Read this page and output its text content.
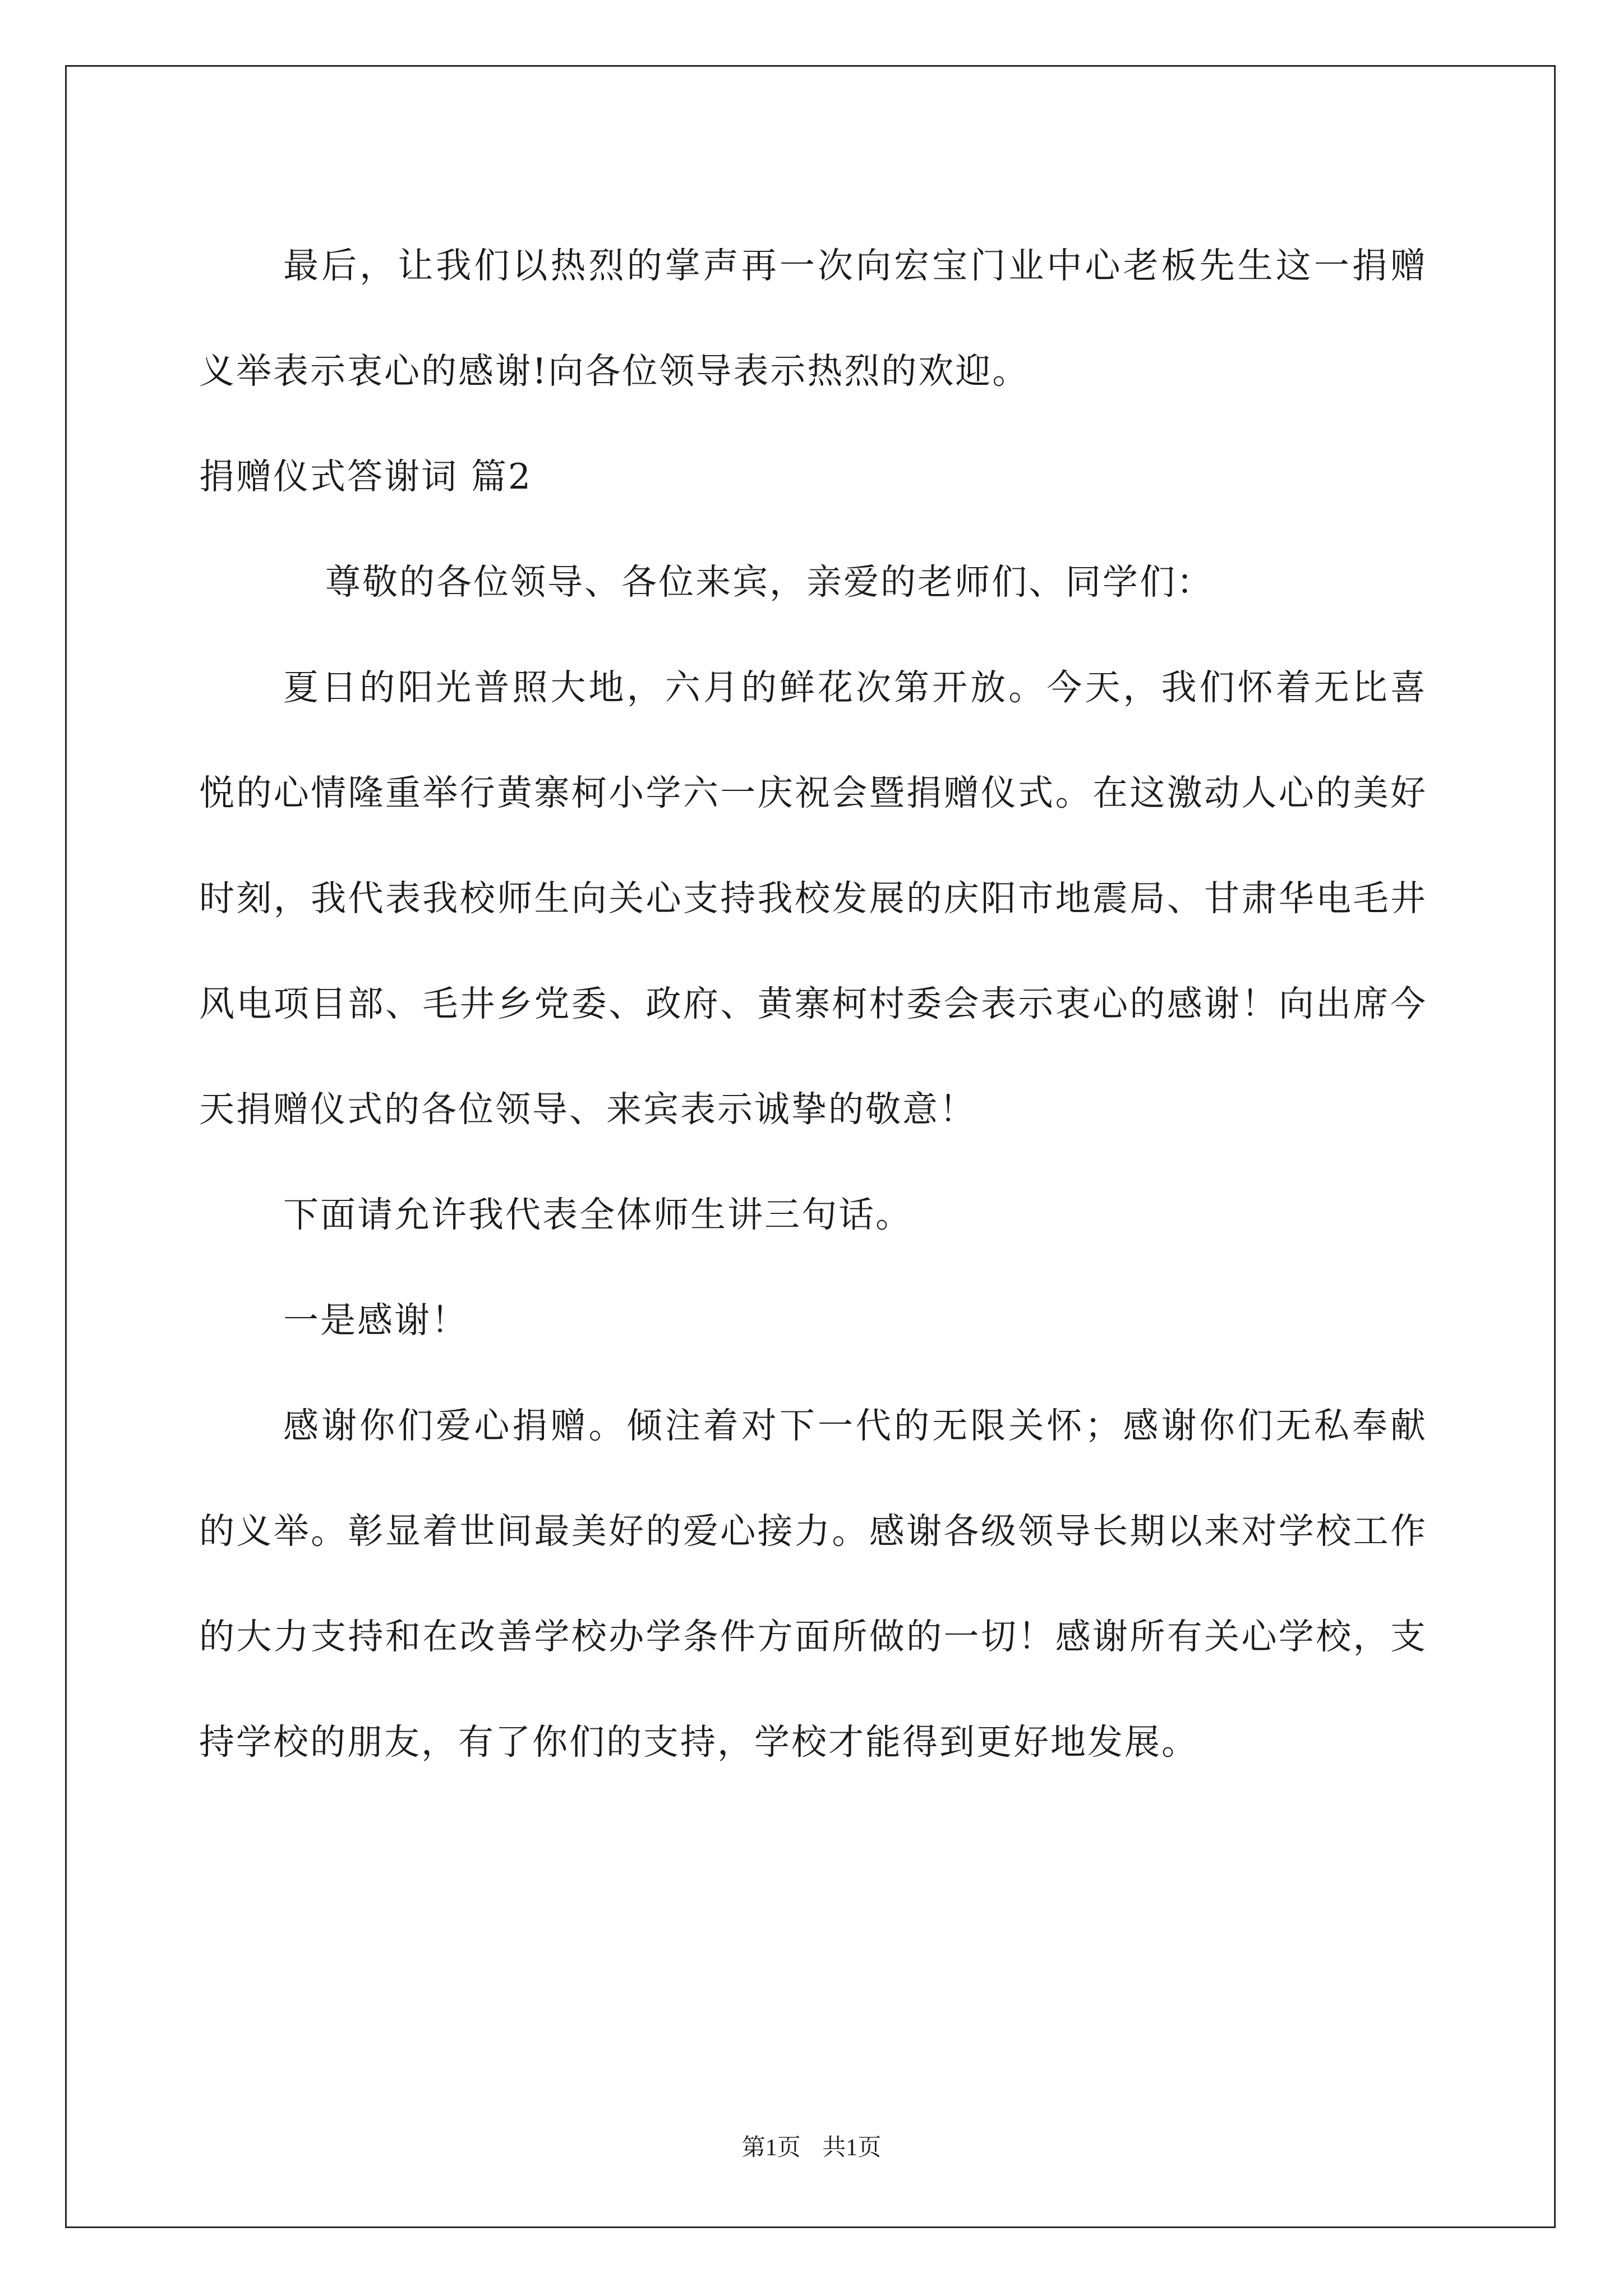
最后，让我们以热烈的掌声再一次向宏宝门业中心老板先生这一捐赠义举表示衷心的感谢!向各位领导表示热烈的欢迎。

捐赠仪式答谢词 篇2

尊敬的各位领导、各位来宾，亲爱的老师们、同学们：

夏日的阳光普照大地，六月的鲜花次第开放。今天，我们怀着无比喜悦的心情隆重举行黄寨柯小学六一庆祝会暨捐赠仪式。在这激动人心的美好时刻，我代表我校师生向关心支持我校发展的庆阳市地震局、甘肃华电毛井风电项目部、毛井乡党委、政府、黄寨柯村委会表示衷心的感谢！向出席今天捐赠仪式的各位领导、来宾表示诚挚的敬意！

下面请允许我代表全体师生讲三句话。

一是感谢！

感谢你们爱心捐赠。倾注着对下一代的无限关怀；感谢你们无私奉献的义举。彰显着世间最美好的爱心接力。感谢各级领导长期以来对学校工作的大力支持和在改善学校办学条件方面所做的一切！感谢所有关心学校，支持学校的朋友，有了你们的支持，学校才能得到更好地发展。

第1页 共1页
